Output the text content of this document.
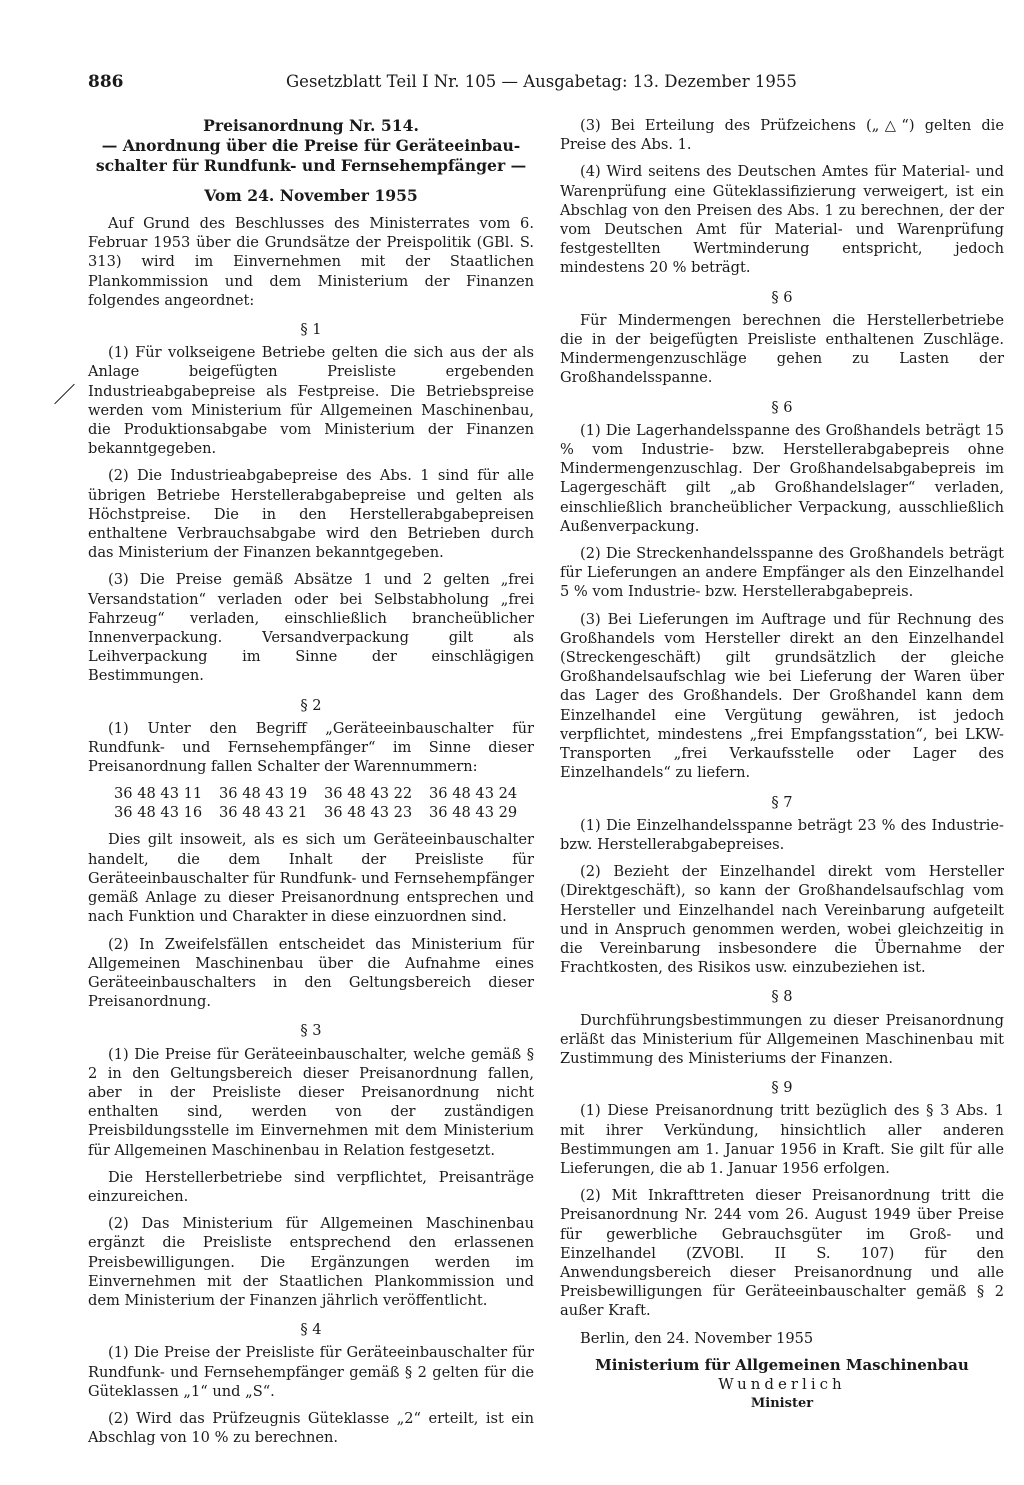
886	Gesetzblatt Teil I Nr. 105 — Ausgabetag: 13. Dezember 1955
Preisanordnung Nr. 514.
— Anordnung über die Preise für Geräteeinbau-
schalter für Rundfunk- und Fernsehempfänger —
Vom 24. November 1955

Auf Grund des Beschlusses des Ministerrates vom 6. Februar 1953 über die Grundsätze der Preispolitik (GBl. S. 313) wird im Einvernehmen mit der Staatlichen Plankommission und dem Ministerium der Finanzen folgendes angeordnet:

§ 1

(1) Für volkseigene Betriebe gelten die sich aus der als Anlage beigefügten Preisliste ergebenden Industrieabgabepreise als Festpreise. Die Betriebspreise werden vom Ministerium für Allgemeinen Maschinenbau, die Produktionsabgabe vom Ministerium der Finanzen bekanntgegeben.

(2) Die Industrieabgabepreise des Abs. 1 sind für alle übrigen Betriebe Herstellerabgabepreise und gelten als Höchstpreise. Die in den Herstellerabgabepreisen enthaltene Verbrauchsabgabe wird den Betrieben durch das Ministerium der Finanzen bekanntgegeben.

(3) Die Preise gemäß Absätze 1 und 2 gelten „frei Versandstation“ verladen oder bei Selbstabholung „frei Fahrzeug“ verladen, einschließlich brancheüblicher Innenverpackung. Versandverpackung gilt als Leihverpackung im Sinne der einschlägigen Bestimmungen.

§ 2

(1) Unter den Begriff „Geräteeinbauschalter für Rundfunk- und Fernsehempfänger“ im Sinne dieser Preisanordnung fallen Schalter der Warennummern:

36 48 43 11	36 48 43 19	36 48 43 22	36 48 43 24
36 48 43 16	36 48 43 21	36 48 43 23	36 48 43 29

Dies gilt insoweit, als es sich um Geräteeinbauschalter handelt, die dem Inhalt der Preisliste für Geräteeinbauschalter für Rundfunk- und Fernsehempfänger gemäß Anlage zu dieser Preisanordnung entsprechen und nach Funktion und Charakter in diese einzuordnen sind.

(2) In Zweifelsfällen entscheidet das Ministerium für Allgemeinen Maschinenbau über die Aufnahme eines Geräteeinbauschalters in den Geltungsbereich dieser Preisanordnung.

§ 3

(1) Die Preise für Geräteeinbauschalter, welche gemäß § 2 in den Geltungsbereich dieser Preisanordnung fallen, aber in der Preisliste dieser Preisanordnung nicht enthalten sind, werden von der zuständigen Preisbildungsstelle im Einvernehmen mit dem Ministerium für Allgemeinen Maschinenbau in Relation festgesetzt.

Die Herstellerbetriebe sind verpflichtet, Preisanträge einzureichen.

(2) Das Ministerium für Allgemeinen Maschinenbau ergänzt die Preisliste entsprechend den erlassenen Preisbewilligungen. Die Ergänzungen werden im Einvernehmen mit der Staatlichen Plankommission und dem Ministerium der Finanzen jährlich veröffentlicht.

§ 4

(1) Die Preise der Preisliste für Geräteeinbauschalter für Rundfunk- und Fernsehempfänger gemäß § 2 gelten für die Güteklassen „1“ und „S“.

(2) Wird das Prüfzeugnis Güteklasse „2“ erteilt, ist ein Abschlag von 10 % zu berechnen.

(3) Bei Erteilung des Prüfzeichens („△“) gelten die Preise des Abs. 1.

(4) Wird seitens des Deutschen Amtes für Material- und Warenprüfung eine Güteklassifizierung verweigert, ist ein Abschlag von den Preisen des Abs. 1 zu berechnen, der der vom Deutschen Amt für Material- und Warenprüfung festgestellten Wertminderung entspricht, jedoch mindestens 20 % beträgt.

§ 6

Für Mindermengen berechnen die Herstellerbetriebe die in der beigefügten Preisliste enthaltenen Zuschläge. Mindermengenzuschläge gehen zu Lasten der Großhandelsspanne.

§ 6

(1) Die Lagerhandelsspanne des Großhandels beträgt 15 % vom Industrie- bzw. Herstellerabgabepreis ohne Mindermengenzuschlag. Der Großhandelsabgabepreis im Lagergeschäft gilt „ab Großhandelslager“ verladen, einschließlich brancheüblicher Verpackung, ausschließlich Außenverpackung.

(2) Die Streckenhandelsspanne des Großhandels beträgt für Lieferungen an andere Empfänger als den Einzelhandel 5 % vom Industrie- bzw. Herstellerabgabepreis.

(3) Bei Lieferungen im Auftrage und für Rechnung des Großhandels vom Hersteller direkt an den Einzelhandel (Streckengeschäft) gilt grundsätzlich der gleiche Großhandelsaufschlag wie bei Lieferung der Waren über das Lager des Großhandels. Der Großhandel kann dem Einzelhandel eine Vergütung gewähren, ist jedoch verpflichtet, mindestens „frei Empfangsstation“, bei LKW-Transporten „frei Verkaufsstelle oder Lager des Einzelhandels“ zu liefern.

§ 7

(1) Die Einzelhandelsspanne beträgt 23 % des Industrie- bzw. Herstellerabgabepreises.

(2) Bezieht der Einzelhandel direkt vom Hersteller (Direktgeschäft), so kann der Großhandelsaufschlag vom Hersteller und Einzelhandel nach Vereinbarung aufgeteilt und in Anspruch genommen werden, wobei gleichzeitig in die Vereinbarung insbesondere die Übernahme der Frachtkosten, des Risikos usw. einzubeziehen ist.

§ 8

Durchführungsbestimmungen zu dieser Preisanordnung erläßt das Ministerium für Allgemeinen Maschinenbau mit Zustimmung des Ministeriums der Finanzen.

§ 9

(1) Diese Preisanordnung tritt bezüglich des § 3 Abs. 1 mit ihrer Verkündung, hinsichtlich aller anderen Bestimmungen am 1. Januar 1956 in Kraft. Sie gilt für alle Lieferungen, die ab 1. Januar 1956 erfolgen.

(2) Mit Inkrafttreten dieser Preisanordnung tritt die Preisanordnung Nr. 244 vom 26. August 1949 über Preise für gewerbliche Gebrauchsgüter im Groß- und Einzelhandel (ZVOBl. II S. 107) für den Anwendungsbereich dieser Preisanordnung und alle Preisbewilligungen für Geräteeinbauschalter gemäß § 2 außer Kraft.

Berlin, den 24. November 1955

Ministerium für Allgemeinen Maschinenbau
Wunderlich
Minister
